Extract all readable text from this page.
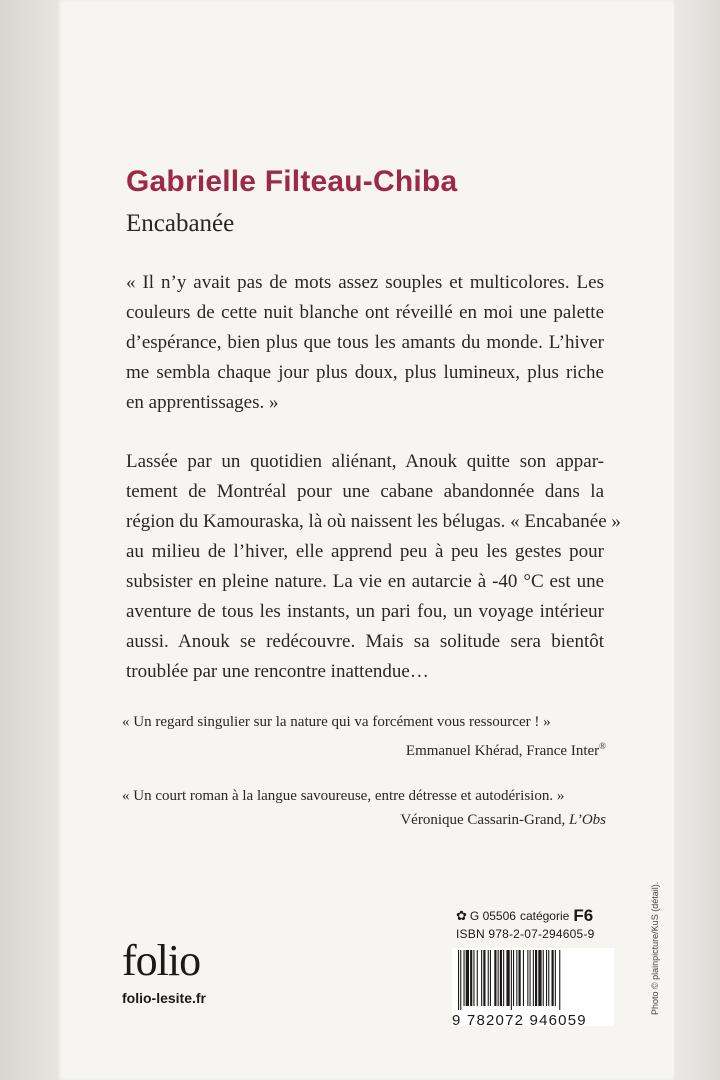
Gabrielle Filteau-Chiba
Encabanée

« Il n’y avait pas de mots assez souples et multicolores. Les
couleurs de cette nuit blanche ont réveillé en moi une palette
d’espérance, bien plus que tous les amants du monde. L’hiver
me sembla chaque jour plus doux, plus lumineux, plus riche
en apprentissages. »

Lassée par un quotidien aliénant, Anouk quitte son appar-
tement de Montréal pour une cabane abandonnée dans la
région du Kamouraska, là où naissent les bélugas. « Encabanée »
au milieu de l’hiver, elle apprend peu à peu les gestes pour
subsister en pleine nature. La vie en autarcie à -40 °C est une
aventure de tous les instants, un pari fou, un voyage intérieur
aussi. Anouk se redécouvre. Mais sa solitude sera bientôt
troublée par une rencontre inattendue…

« Un regard singulier sur la nature qui va forcément vous ressourcer ! »
Emmanuel Khérad, France Inter®
« Un court roman à la langue savoureuse, entre détresse et autodérision. »
Véronique Cassarin-Grand, L’Obs
folio
folio-lesite.fr
✿ G 05506 catégorie F6
ISBN 978-2-07-294605-9
9 782072 946059
Photo © plainpicture/KuS (détail).
